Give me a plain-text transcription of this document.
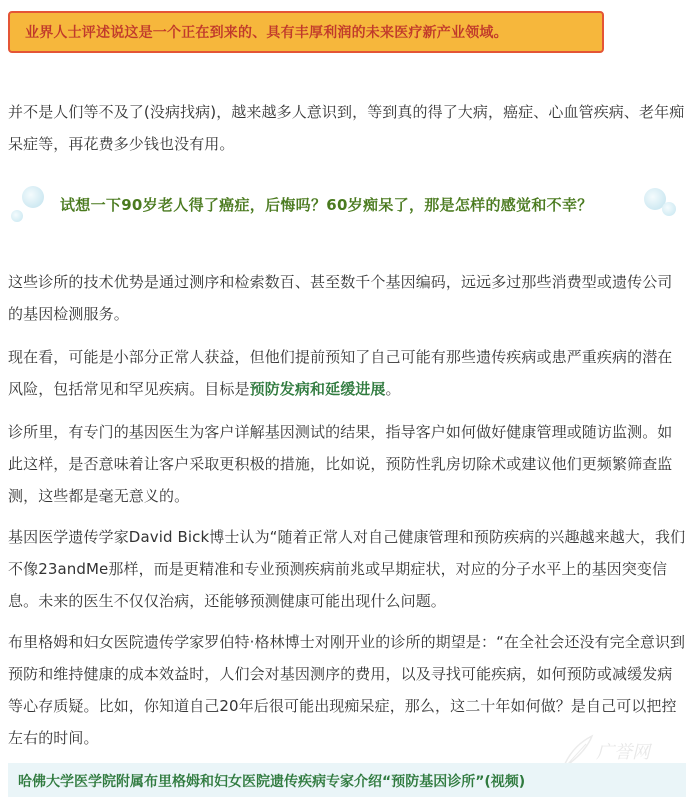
业界人士评述说这是一个正在到来的、具有丰厚利润的未来医疗新产业领域。

并不是人们等不及了(没病找病)，越来越多人意识到，等到真的得了大病，癌症、心血管疾病、老年痴呆症等，再花费多少钱也没有用。

试想一下90岁老人得了癌症，后悔吗？60岁痴呆了，那是怎样的感觉和不幸？

这些诊所的技术优势是通过测序和检索数百、甚至数千个基因编码，远远多过那些消费型或遗传公司的基因检测服务。

现在看，可能是小部分正常人获益，但他们提前预知了自己可能有那些遗传疾病或患严重疾病的潜在风险，包括常见和罕见疾病。目标是预防发病和延缓进展。

诊所里，有专门的基因医生为客户详解基因测试的结果，指导客户如何做好健康管理或随访监测。如此这样，是否意味着让客户采取更积极的措施，比如说，预防性乳房切除术或建议他们更频繁筛查监测，这些都是毫无意义的。

基因医学遗传学家David Bick博士认为“随着正常人对自己健康管理和预防疾病的兴趣越来越大，我们不像23andMe那样，而是更精准和专业预测疾病前兆或早期症状，对应的分子水平上的基因突变信息。未来的医生不仅仅治病，还能够预测健康可能出现什么问题。

布里格姆和妇女医院遗传学家罗伯特·格林博士对刚开业的诊所的期望是：“在全社会还没有完全意识到预防和维持健康的成本效益时，人们会对基因测序的费用，以及寻找可能疾病，如何预防或减缓发病等心存质疑。比如，你知道自己20年后很可能出现痴呆症，那么，这二十年如何做？是自己可以把控左右的时间。

广誉网
哈佛大学医学院附属布里格姆和妇女医院遗传疾病专家介绍“预防基因诊所”(视频)
